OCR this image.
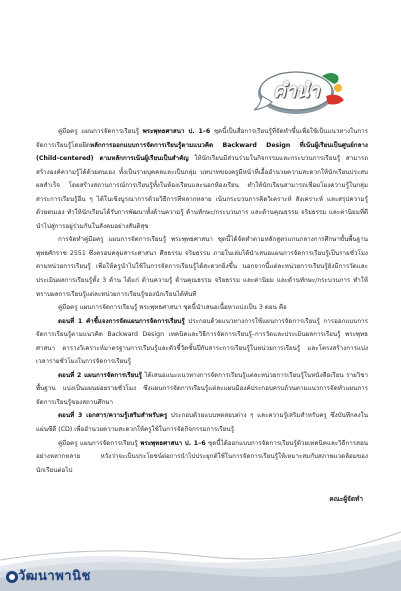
คำนำ

คู่มือครู แผนการจัดการเรียนรู้ พระพุทธศาสนา ป. 1–6 ชุดนี้เป็นสื่อการเรียนรู้ที่จัดทำขึ้นเพื่อใช้เป็นแนวทางในการจัดการเรียนรู้โดยยึดหลักการออกแบบการจัดการเรียนรู้ตามแนวคิด Backward Design ที่เน้นผู้เรียนเป็นศูนย์กลาง (Child-centered) ตามหลักการเน้นผู้เรียนเป็นสำคัญ ให้นักเรียนมีส่วนร่วมในกิจกรรมและกระบวนการเรียนรู้ สามารถสร้างองค์ความรู้ได้ด้วยตนเอง ทั้งเป็นรายบุคคลและเป็นกลุ่ม บทบาทของครูมีหน้าที่เอื้ออำนวยความสะดวกให้นักเรียนประสบผลสำเร็จ โดยสร้างสถานการณ์การเรียนรู้ทั้งในห้องเรียนและนอกห้องเรียน ทำให้นักเรียนสามารถเชื่อมโยงความรู้ในกลุ่มสาระการเรียนรู้อื่น ๆ ได้ในเชิงบูรณาการด้วยวิธีการที่หลากหลาย เน้นกระบวนการคิดวิเคราะห์ สังเคราะห์ และสรุปความรู้ด้วยตนเอง ทำให้นักเรียนได้รับการพัฒนาทั้งด้านความรู้ ด้านทักษะ/กระบวนการ และด้านคุณธรรม จริยธรรม และค่านิยมที่ดี นำไปสู่การอยู่ร่วมกันในสังคมอย่างสันติสุข

การจัดทำคู่มือครู แผนการจัดการเรียนรู้ พระพุทธศาสนา ชุดนี้ได้จัดทำตามหลักสูตรแกนกลางการศึกษาขั้นพื้นฐาน พุทธศักราช 2551 ซึ่งครอบคลุมสาระศาสนา ศีลธรรม จริยธรรม ภายในเล่มได้นำเสนอแผนการจัดการเรียนรู้เป็นรายชั่วโมงตามหน่วยการเรียนรู้ เพื่อให้ครูนำไปใช้ในการจัดการเรียนรู้ได้สะดวกยิ่งขึ้น นอกจากนี้แต่ละหน่วยการเรียนรู้ยังมีการวัดและประเมินผลการเรียนรู้ทั้ง 3 ด้าน ได้แก่ ด้านความรู้ ด้านคุณธรรม จริยธรรม และค่านิยม และด้านทักษะ/กระบวนการ ทำให้ทราบผลการเรียนรู้แต่ละหน่วยการเรียนรู้ของนักเรียนได้ทันที

คู่มือครู แผนการจัดการเรียนรู้ พระพุทธศาสนา ชุดนี้นำเสนอเนื้อหาแบ่งเป็น 3 ตอน คือ

ตอนที่ 1 คำชี้แจงการจัดแผนการจัดการเรียนรู้ ประกอบด้วยแนวทางการใช้แผนการจัดการเรียนรู้ การออกแบบการจัดการเรียนรู้ตามแนวคิด Backward Design เทคนิคและวิธีการจัดการเรียนรู้–การวัดและประเมินผลการเรียนรู้ พระพุทธศาสนา ตารางวิเคราะห์มาตรฐานการเรียนรู้และตัวชี้วัดชั้นปีกับสาระการเรียนรู้ในหน่วยการเรียนรู้ และโครงสร้างการแบ่งเวลารายชั่วโมงในการจัดการเรียนรู้

ตอนที่ 2 แผนการจัดการเรียนรู้ ได้เสนอแนะแนวทางการจัดการเรียนรู้แต่ละหน่วยการเรียนรู้ในหนังสือเรียน รายวิชาพื้นฐาน แบ่งเป็นแผนย่อยรายชั่วโมง ซึ่งแผนการจัดการเรียนรู้แต่ละแผนมีองค์ประกอบครบถ้วนตามแนวการจัดทำแผนการจัดการเรียนรู้ของสถานศึกษา

ตอนที่ 3 เอกสาร/ความรู้เสริมสำหรับครู ประกอบด้วยแบบทดสอบต่าง ๆ และความรู้เสริมสำหรับครู ซึ่งบันทึกลงในแผ่นซีดี (CD) เพื่ออำนวยความสะดวกให้ครูใช้ในการจัดกิจกรรมการเรียนรู้

คู่มือครู แผนการจัดการเรียนรู้ พระพุทธศาสนา ป. 1–6 ชุดนี้ได้ออกแบบการจัดการเรียนรู้ด้วยเทคนิคและวิธีการสอนอย่างหลากหลาย หวังว่าจะเป็นประโยชน์ต่อการนำไปประยุกต์ใช้ในการจัดการเรียนรู้ให้เหมาะสมกับสภาพแวดล้อมของนักเรียนต่อไป

คณะผู้จัดทำ
วัฒนาพานิช
